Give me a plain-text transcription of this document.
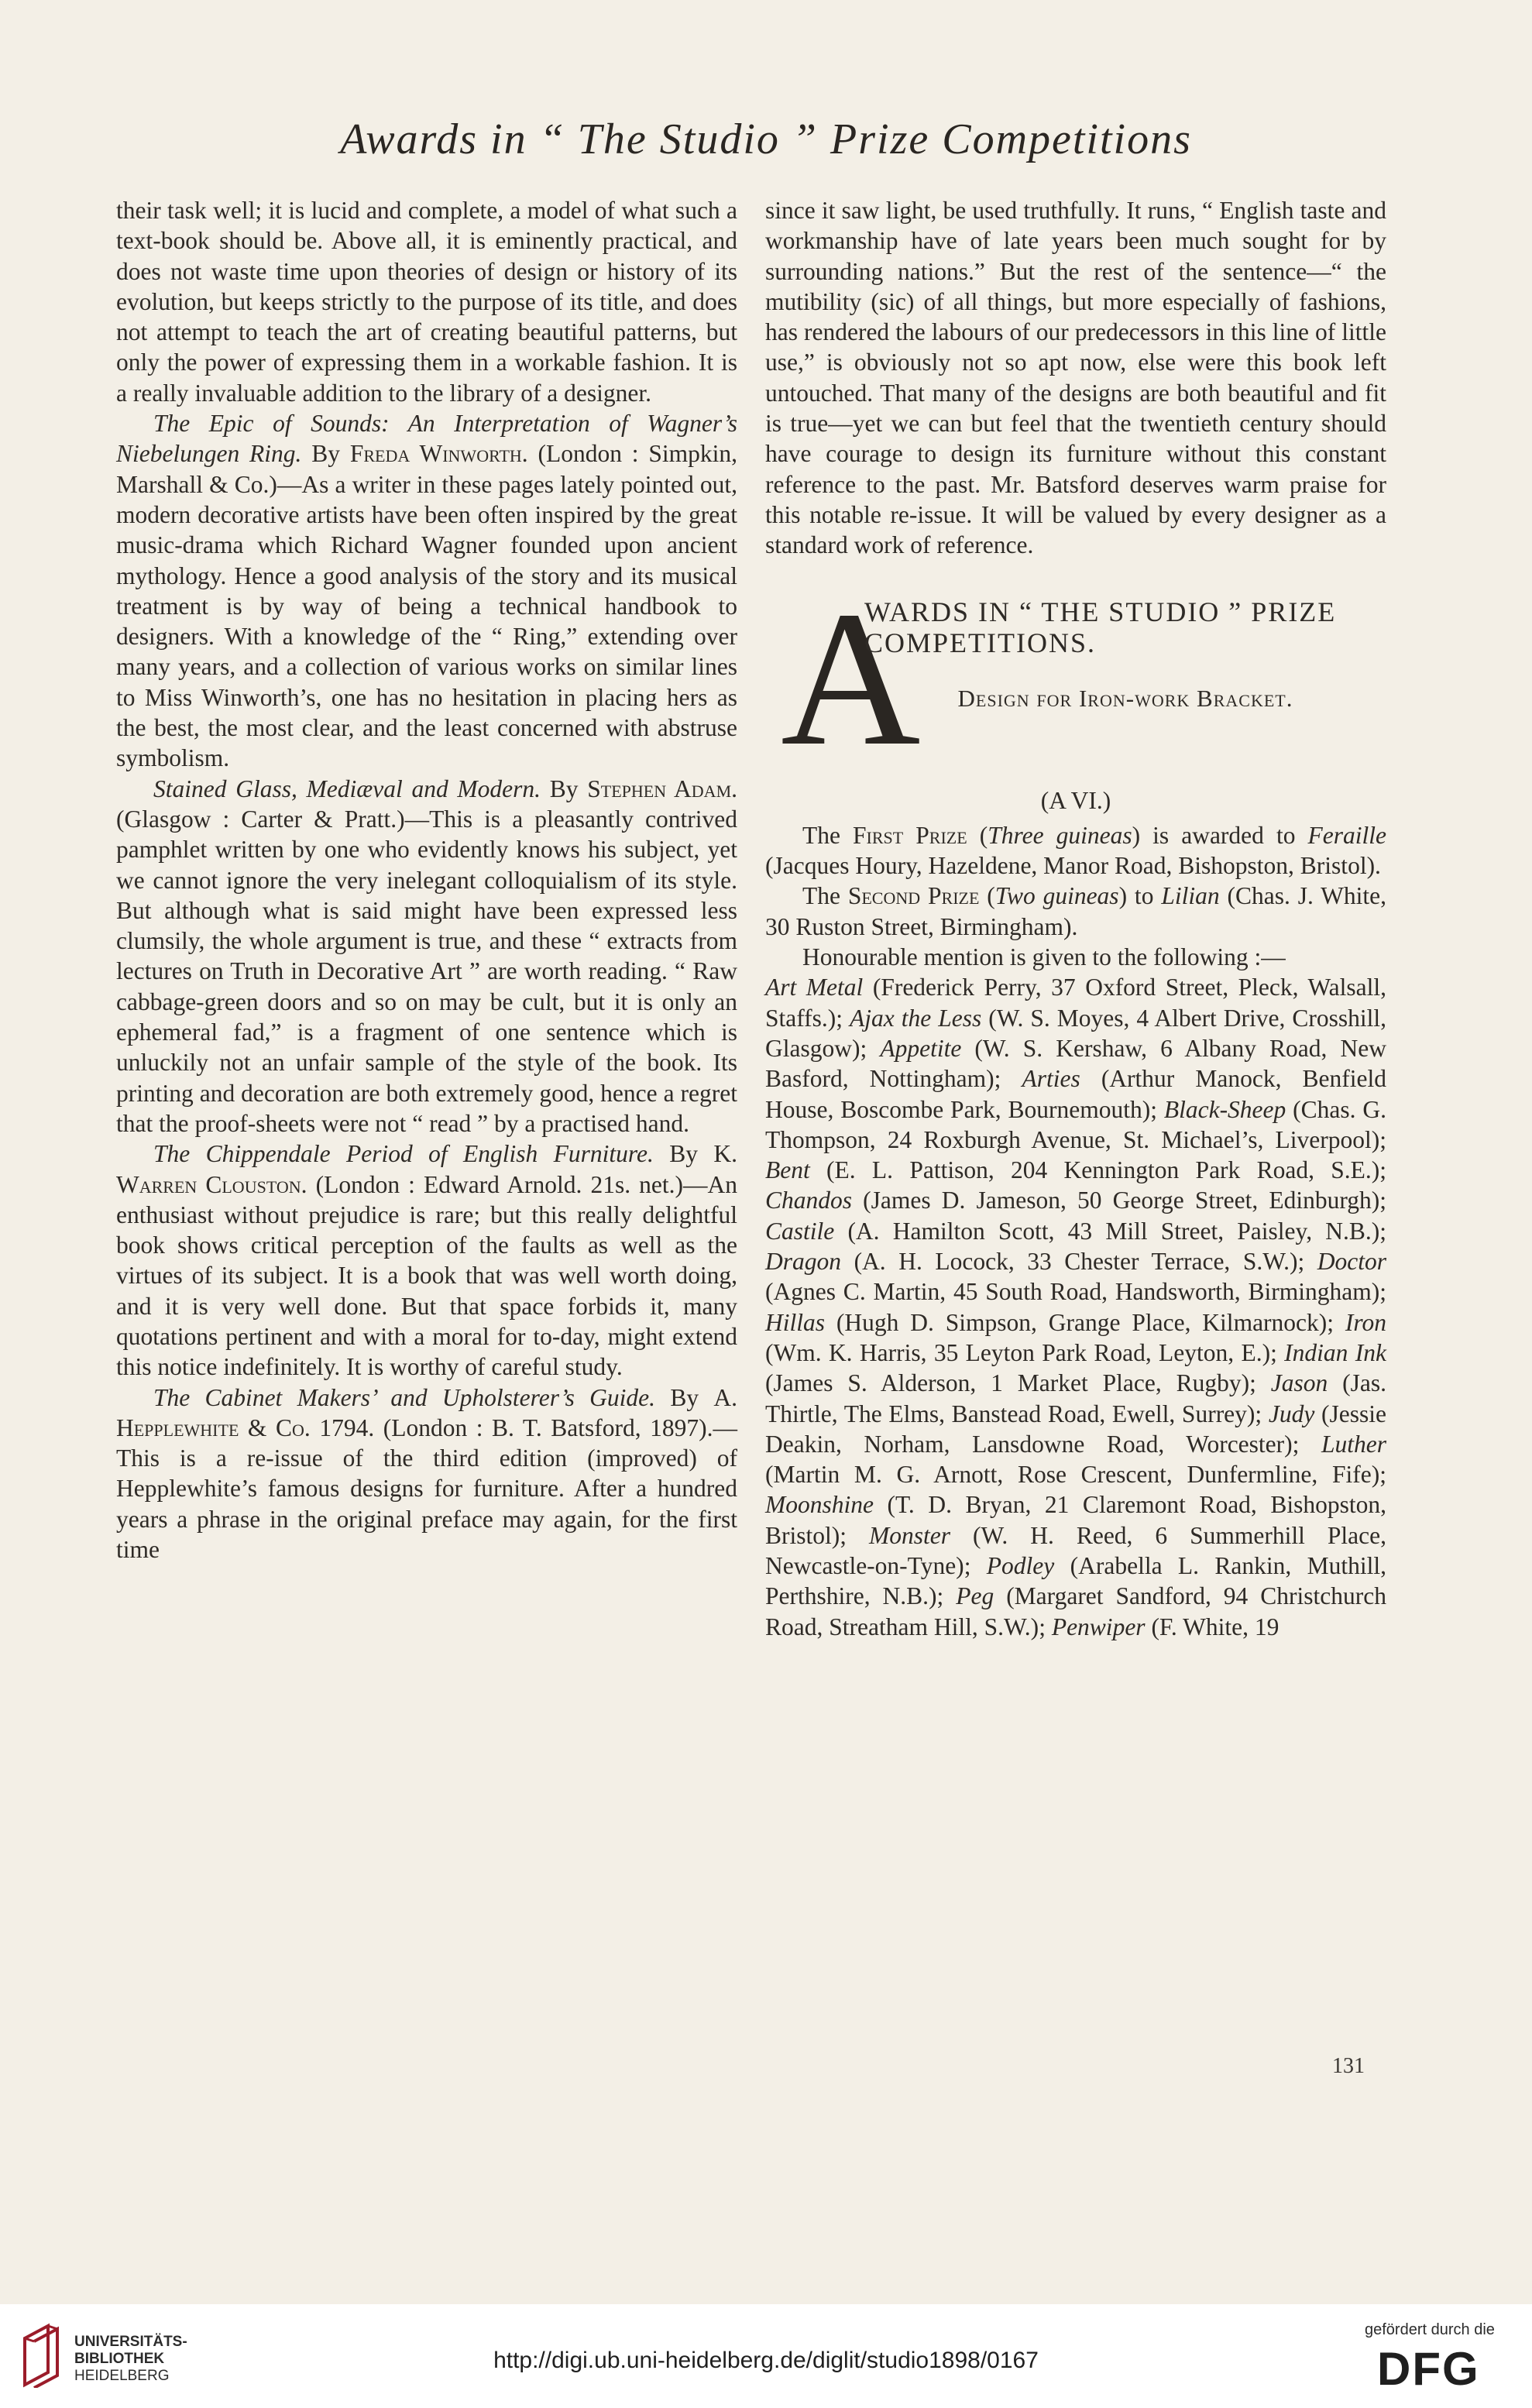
Awards in “ The Studio ” Prize Competitions

their task well; it is lucid and complete, a model of what such a text-book should be. Above all, it is eminently practical, and does not waste time upon theories of design or history of its evolution, but keeps strictly to the purpose of its title, and does not attempt to teach the art of creating beautiful patterns, but only the power of expressing them in a workable fashion. It is a really invaluable addition to the library of a designer.

The Epic of Sounds: An Interpretation of Wagner’s Niebelungen Ring. By Freda Winworth. (London : Simpkin, Marshall & Co.)—As a writer in these pages lately pointed out, modern decorative artists have been often inspired by the great music-drama which Richard Wagner founded upon ancient mythology. Hence a good analysis of the story and its musical treatment is by way of being a technical handbook to designers. With a knowledge of the “ Ring,” extending over many years, and a collection of various works on similar lines to Miss Winworth’s, one has no hesitation in placing hers as the best, the most clear, and the least concerned with abstruse symbolism.

Stained Glass, Mediæval and Modern. By Stephen Adam. (Glasgow : Carter & Pratt.)—This is a pleasantly contrived pamphlet written by one who evidently knows his subject, yet we cannot ignore the very inelegant colloquialism of its style. But although what is said might have been expressed less clumsily, the whole argument is true, and these “ extracts from lectures on Truth in Decorative Art ” are worth reading. “ Raw cabbage-green doors and so on may be cult, but it is only an ephemeral fad,” is a fragment of one sentence which is unluckily not an unfair sample of the style of the book. Its printing and decoration are both extremely good, hence a regret that the proof-sheets were not “ read ” by a practised hand.

The Chippendale Period of English Furniture. By K. Warren Clouston. (London : Edward Arnold. 21s. net.)—An enthusiast without prejudice is rare; but this really delightful book shows critical perception of the faults as well as the virtues of its subject. It is a book that was well worth doing, and it is very well done. But that space forbids it, many quotations pertinent and with a moral for to-day, might extend this notice indefinitely. It is worthy of careful study.

The Cabinet Makers’ and Upholsterer’s Guide. By A. Hepplewhite & Co. 1794. (London : B. T. Batsford, 1897).—This is a re-issue of the third edition (improved) of Hepplewhite’s famous designs for furniture. After a hundred years a phrase in the original preface may again, for the first time

since it saw light, be used truthfully. It runs, “ English taste and workmanship have of late years been much sought for by surrounding nations.” But the rest of the sentence—“ the mutibility (sic) of all things, but more especially of fashions, has rendered the labours of our predecessors in this line of little use,” is obviously not so apt now, else were this book left untouched. That many of the designs are both beautiful and fit is true—yet we can but feel that the twentieth century should have courage to design its furniture without this constant reference to the past. Mr. Batsford deserves warm praise for this notable re-issue. It will be valued by every designer as a standard work of reference.

A
WARDS IN “ THE STUDIO ” PRIZE COMPETITIONS.
Design for Iron-work Bracket.
(A VI.)

The First Prize (Three guineas) is awarded to Feraille (Jacques Houry, Hazeldene, Manor Road, Bishopston, Bristol).

The Second Prize (Two guineas) to Lilian (Chas. J. White, 30 Ruston Street, Birmingham).

Honourable mention is given to the following :—

Art Metal (Frederick Perry, 37 Oxford Street, Pleck, Walsall, Staffs.); Ajax the Less (W. S. Moyes, 4 Albert Drive, Crosshill, Glasgow); Appetite (W. S. Kershaw, 6 Albany Road, New Basford, Nottingham); Arties (Arthur Manock, Benfield House, Boscombe Park, Bournemouth); Black-Sheep (Chas. G. Thompson, 24 Roxburgh Avenue, St. Michael’s, Liverpool); Bent (E. L. Pattison, 204 Kennington Park Road, S.E.); Chandos (James D. Jameson, 50 George Street, Edinburgh); Castile (A. Hamilton Scott, 43 Mill Street, Paisley, N.B.); Dragon (A. H. Locock, 33 Chester Terrace, S.W.); Doctor (Agnes C. Martin, 45 South Road, Handsworth, Birmingham); Hillas (Hugh D. Simpson, Grange Place, Kilmarnock); Iron (Wm. K. Harris, 35 Leyton Park Road, Leyton, E.); Indian Ink (James S. Alderson, 1 Market Place, Rugby); Jason (Jas. Thirtle, The Elms, Banstead Road, Ewell, Surrey); Judy (Jessie Deakin, Norham, Lansdowne Road, Worcester); Luther (Martin M. G. Arnott, Rose Crescent, Dunfermline, Fife); Moonshine (T. D. Bryan, 21 Claremont Road, Bishopston, Bristol); Monster (W. H. Reed, 6 Summerhill Place, Newcastle-on-Tyne); Podley (Arabella L. Rankin, Muthill, Perthshire, N.B.); Peg (Margaret Sandford, 94 Christchurch Road, Streatham Hill, S.W.); Penwiper (F. White, 19

131
UNIVERSITÄTS-
BIBLIOTHEK
HEIDELBERG
http://digi.ub.uni-heidelberg.de/diglit/studio1898/0167
gefördert durch die
DFG
